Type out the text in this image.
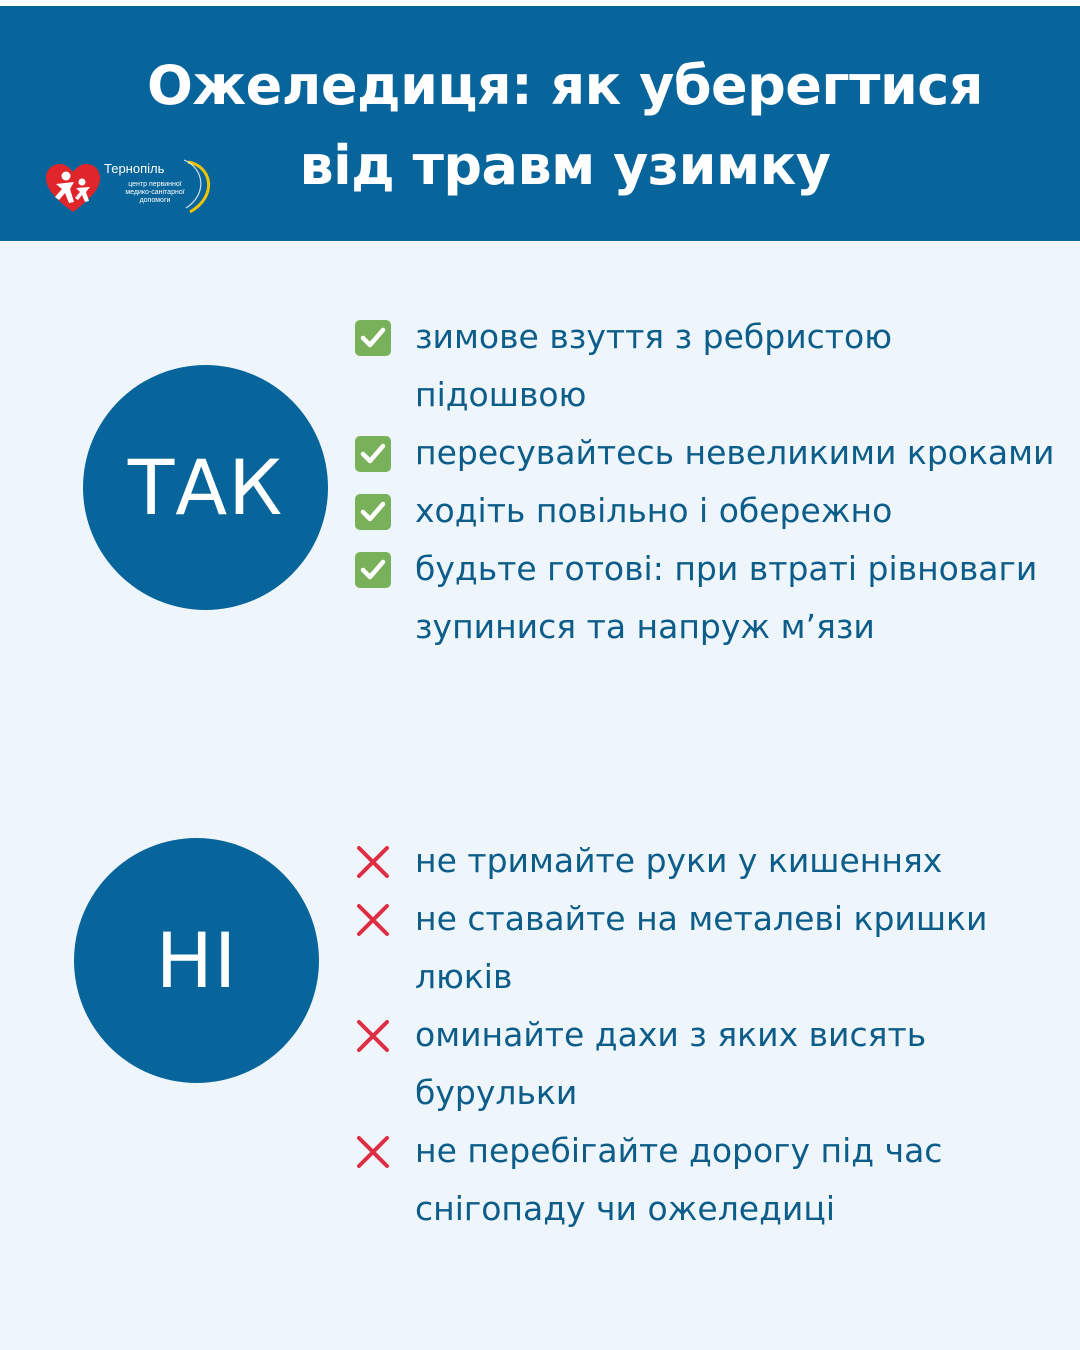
Тернопіль
центр первинної
медико-санітарної
допомоги
Ожеледиця: як уберегтися
від травм узимку
ТАК
зимове взуття з ребристою підошвою
пересувайтесь невеликими кроками
ходіть повільно і обережно
будьте готові: при втраті рівноваги зупинися та напруж м’язи
НІ
не тримайте руки у кишеннях
не ставайте на металеві кришки люків
оминайте дахи з яких висять бурульки
не перебігайте дорогу під час снігопаду чи ожеледиці
